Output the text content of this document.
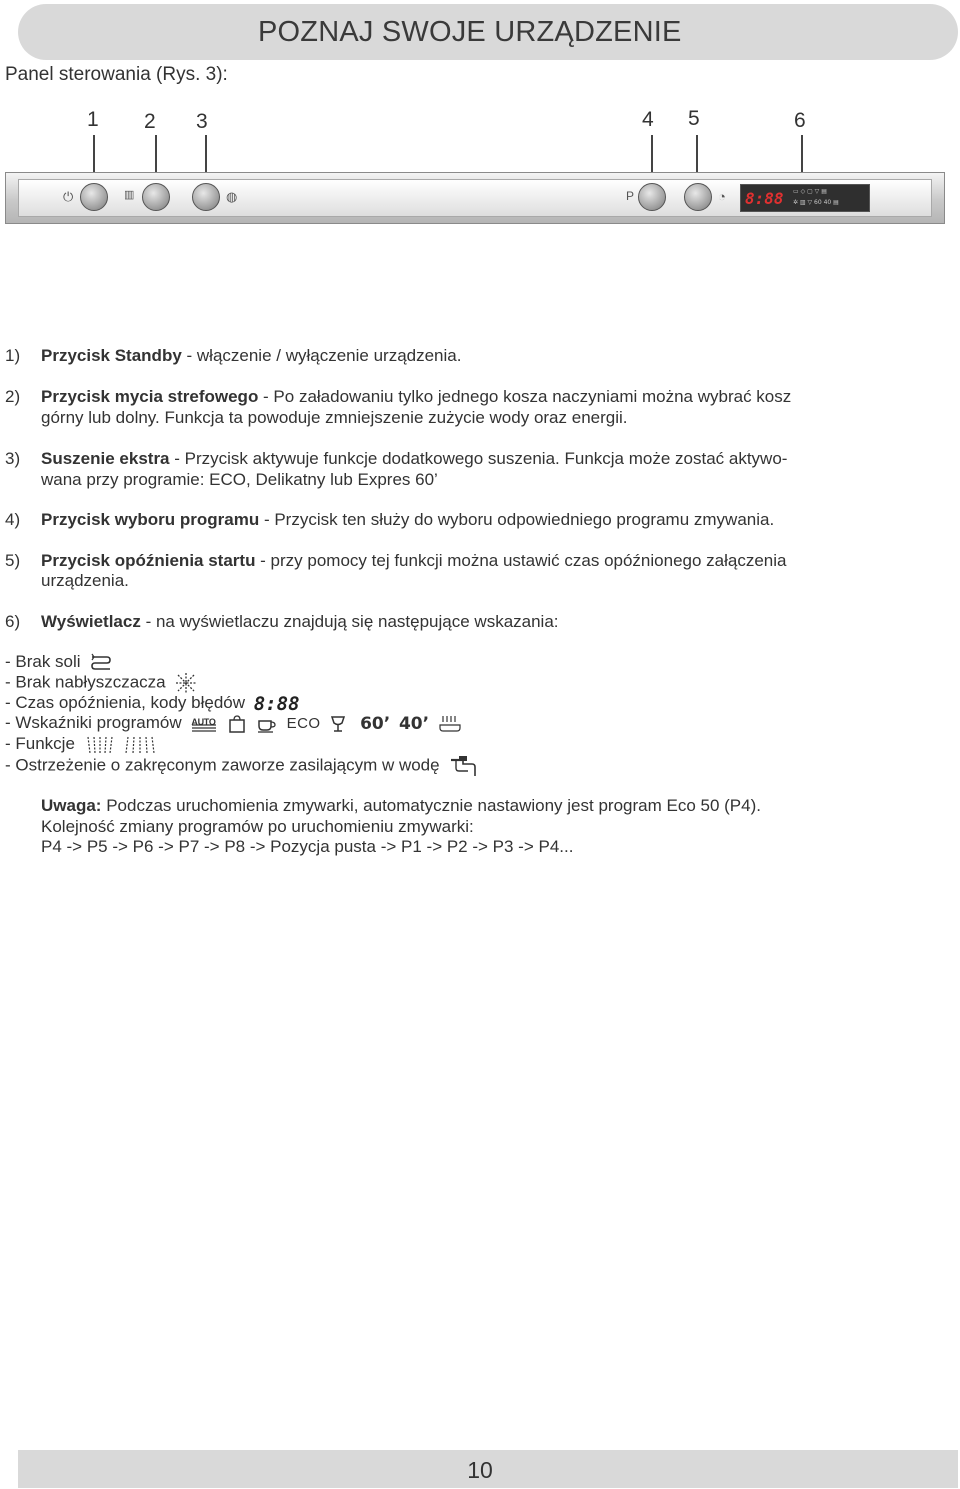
POZNAJ SWOJE URZĄDZENIE
Panel sterowania (Rys. 3):
1 2 3	4 5	6
⏻	▥	◍	P	◔ 8:88 ▭ ◇ ▢ ▽ ▤
✲ ▥ ▽ 60 40 ▤
1) Przycisk Standby - włączenie / wyłączenie urządzenia.
2) Przycisk mycia strefowego - Po załadowaniu tylko jednego kosza naczyniami można wybrać kosz
górny lub dolny. Funkcja ta powoduje zmniejszenie zużycie wody oraz energii.
3) Suszenie ekstra - Przycisk aktywuje funkcje dodatkowego suszenia. Funkcja może zostać aktywo-
wana przy programie: ECO, Delikatny lub Expres 60’
4) Przycisk wyboru programu - Przycisk ten służy do wyboru odpowiedniego programu zmywania.
5) Przycisk opóźnienia startu - przy pomocy tej funkcji można ustawić czas opóźnionego załączenia
urządzenia.
6) Wyświetlacz - na wyświetlaczu znajdują się następujące wskazania:
- Brak soli
- Brak nabłyszczacza
- Czas opóźnienia, kody błędów 8:88
- Wskaźniki programów AUTO	ECO 60’ 40’
- Funkcje
- Ostrzeżenie o zakręconym zaworze zasilającym w wodę
Uwaga: Podczas uruchomienia zmywarki, automatycznie nastawiony jest program Eco 50 (P4).
Kolejność zmiany programów po uruchomieniu zmywarki:
P4 -> P5 -> P6 -> P7 -> P8 -> Pozycja pusta -> P1 -> P2 -> P3 -> P4...
10
